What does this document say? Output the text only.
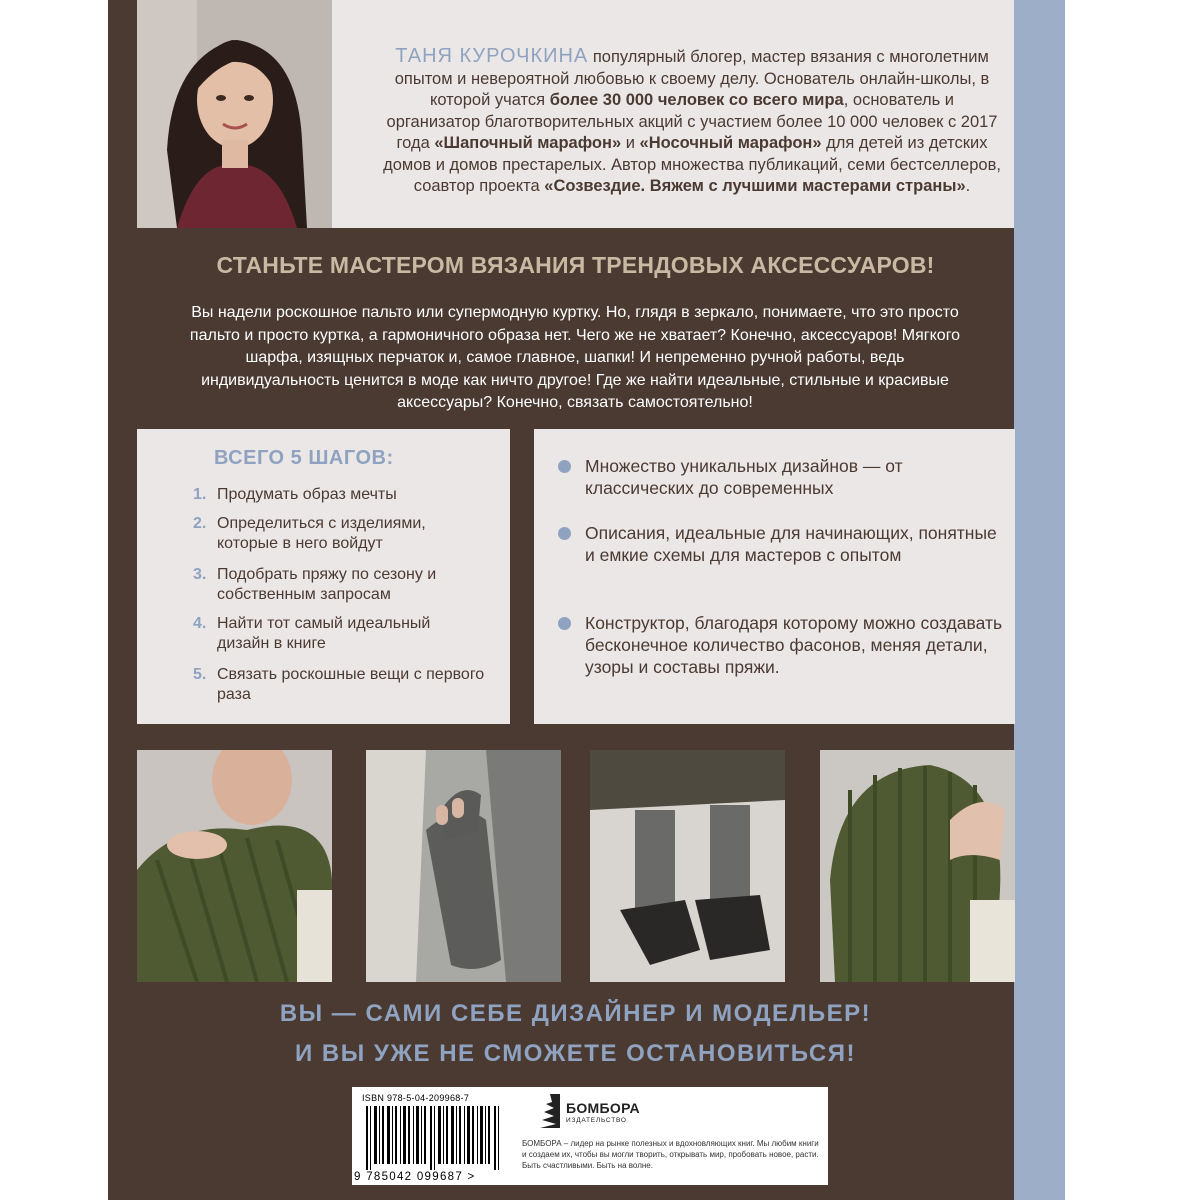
ТАНЯ КУРОЧКИНА популярный блогер, мастер вязания с многолетним опытом и невероятной любовью к своему делу. Основатель онлайн-школы, в которой учатся более 30 000 человек со всего мира, основатель и организатор благотворительных акций с участием более 10 000 человек с 2017 года «Шапочный марафон» и «Носочный марафон» для детей из детских домов и домов престарелых. Автор множества публикаций, семи бестселлеров, соавтор проекта «Созвездие. Вяжем с лучшими мастерами страны».
СТАНЬТЕ МАСТЕРОМ ВЯЗАНИЯ ТРЕНДОВЫХ АКСЕССУАРОВ!
Вы надели роскошное пальто или супермодную куртку. Но, глядя в зеркало, понимаете, что это просто пальто и просто куртка, а гармоничного образа нет. Чего же не хватает? Конечно, аксессуаров! Мягкого шарфа, изящных перчаток и, самое главное, шапки! И непременно ручной работы, ведь индивидуальность ценится в моде как ничто другое! Где же найти идеальные, стильные и красивые аксессуары? Конечно, связать самостоятельно!
ВСЕГО 5 ШАГОВ:
1. Продумать образ мечты
2. Определиться с изделиями, которые в него войдут
3. Подобрать пряжу по сезону и собственным запросам
4. Найти тот самый идеальный дизайн в книге
5. Связать роскошные вещи с первого раза
Множество уникальных дизайнов — от классических до современных
Описания, идеальные для начинающих, понятные и емкие схемы для мастеров с опытом
Конструктор, благодаря которому можно создавать бесконечное количество фасонов, меняя детали, узоры и составы пряжи.
ВЫ — САМИ СЕБЕ ДИЗАЙНЕР И МОДЕЛЬЕР!
И ВЫ УЖЕ НЕ СМОЖЕТЕ ОСТАНОВИТЬСЯ!
ISBN 978-5-04-209968-7
9 785042 099687 >
БОМБОРА
ИЗДАТЕЛЬСТВО
БОМБОРА – лидер на рынке полезных и вдохновляющих книг. Мы любим книги и создаем их, чтобы вы могли творить, открывать мир, пробовать новое, расти. Быть счастливыми. Быть на волне.
